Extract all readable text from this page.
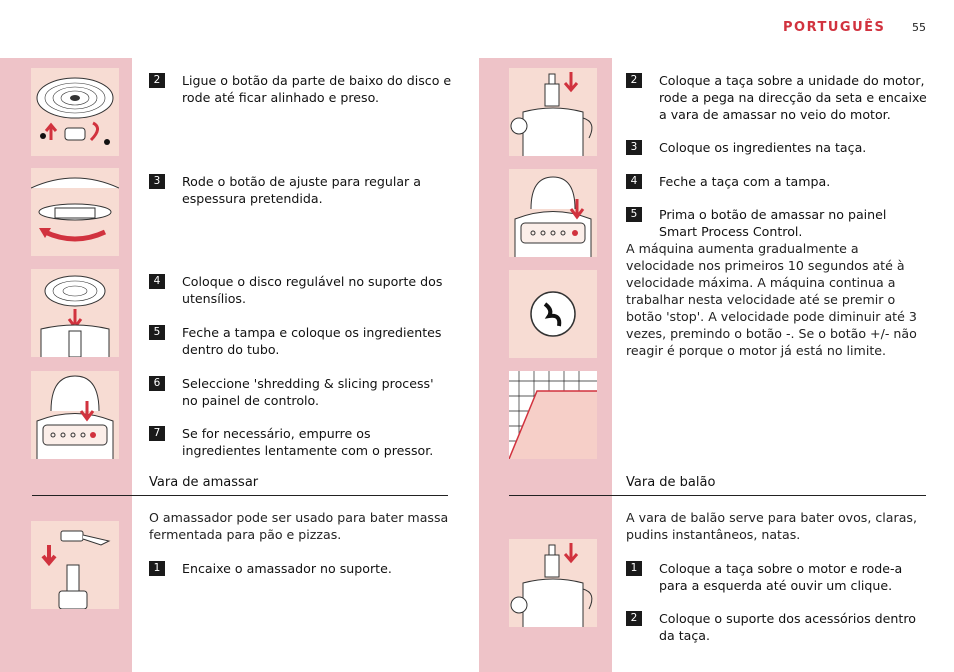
PORTUGUÊS 55
2	Ligue o botão da parte de baixo do disco e rode até ficar alinhado e preso.
3	Rode o botão de ajuste para regular a espessura pretendida.
4	Coloque o disco regulável no suporte dos utensílios.
5	Feche a tampa e coloque os ingredientes dentro do tubo.
6	Seleccione 'shredding & slicing process' no painel de controlo.
7	Se for necessário, empurre os ingredientes lentamente com o pressor.
Vara de amassar
O amassador pode ser usado para bater massa fermentada para pão e pizzas.
1	Encaixe o amassador no suporte.
2	Coloque a taça sobre a unidade do motor, rode a pega na direcção da seta e encaixe a vara de amassar no veio do motor.
3	Coloque os ingredientes na taça.
4	Feche a taça com a tampa.
5	Prima o botão de amassar no painel Smart Process Control.
A máquina aumenta gradualmente a velocidade nos primeiros 10 segundos até à velocidade máxima. A máquina continua a trabalhar nesta velocidade até se premir o botão 'stop'. A velocidade pode diminuir até 3 vezes, premindo o botão -. Se o botão +/- não reagir é porque o motor já está no limite.
Vara de balão
A vara de balão serve para bater ovos, claras, pudins instantâneos, natas.
1	Coloque a taça sobre o motor e rode-a para a esquerda até ouvir um clique.
2	Coloque o suporte dos acessórios dentro da taça.
